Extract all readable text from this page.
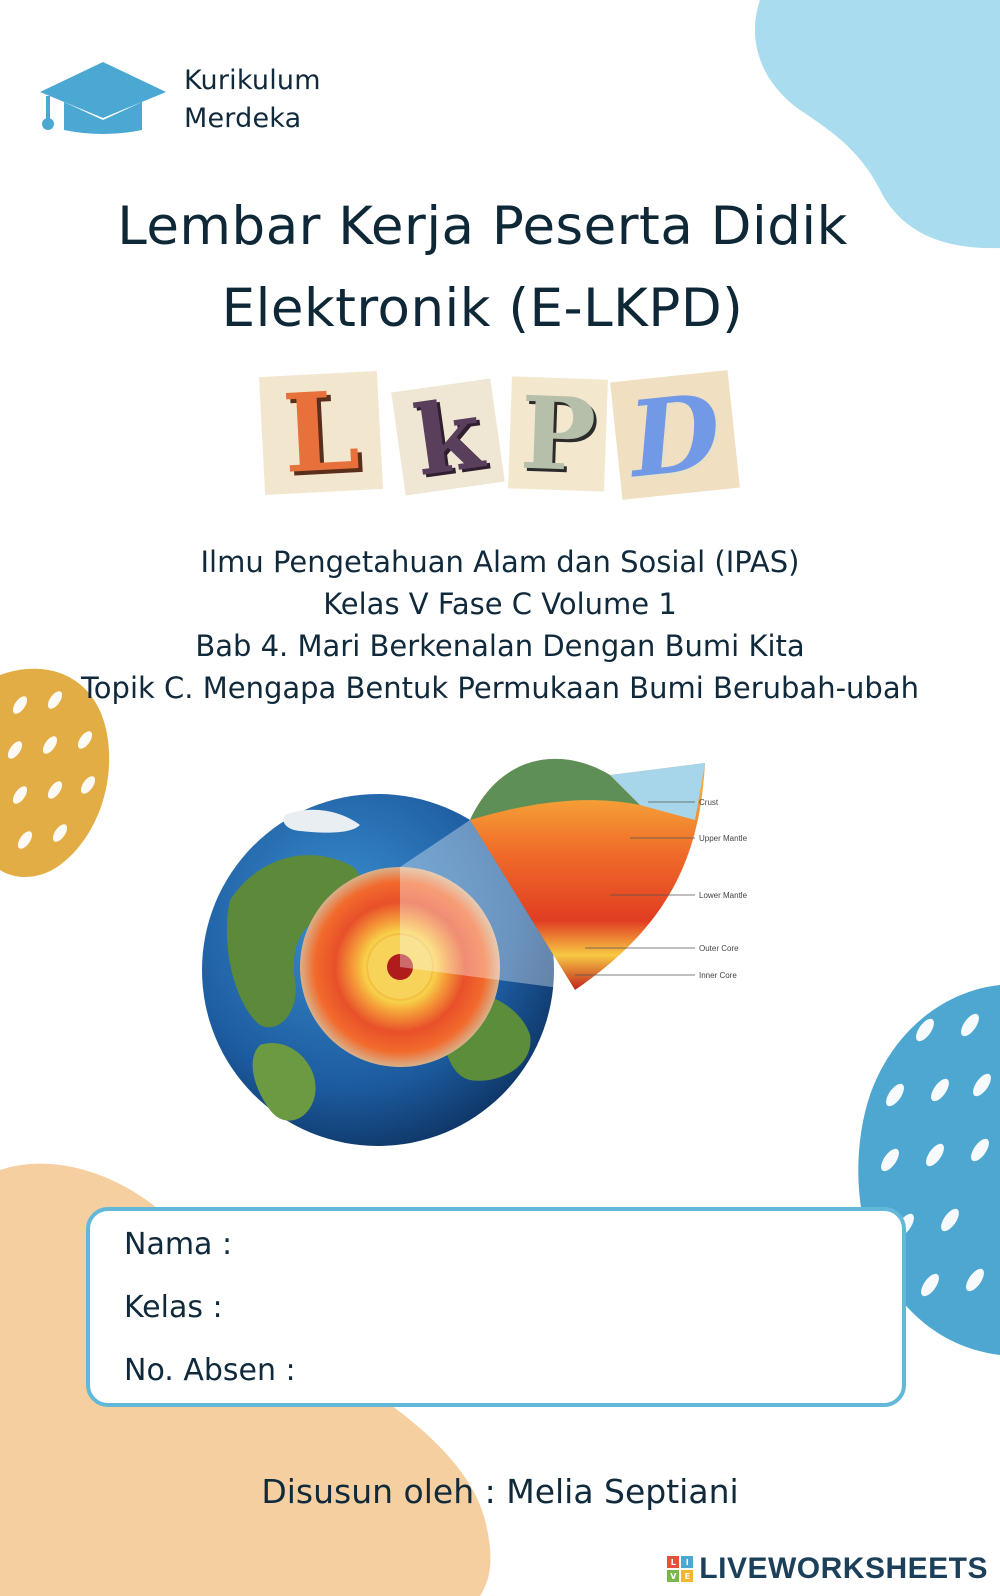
Kurikulum
Merdeka
Lembar Kerja Peserta Didik
Elektronik (E-LKPD)
L k P D
Ilmu Pengetahuan Alam dan Sosial (IPAS)
Kelas V Fase C Volume 1
Bab 4. Mari Berkenalan Dengan Bumi Kita
Topik C. Mengapa Bentuk Permukaan Bumi Berubah-ubah
Crust
Upper Mantle
Lower Mantle
Outer Core
Inner Core
Nama :
Kelas :
No. Absen :
Disusun oleh : Melia Septiani
L	I
V	E LIVEWORKSHEETS
